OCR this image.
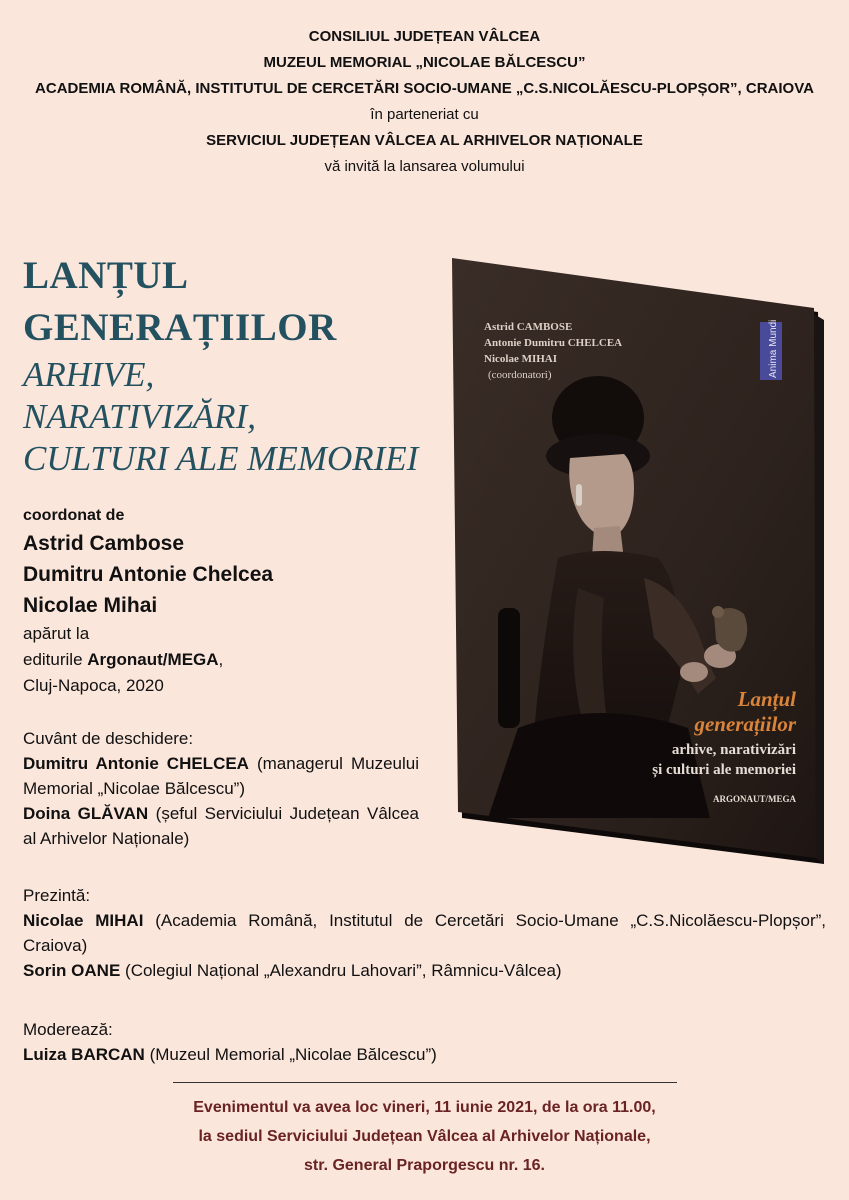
CONSILIUL JUDEȚEAN VÂLCEA
MUZEUL MEMORIAL „NICOLAE BĂLCESCU”
ACADEMIA ROMÂNĂ, INSTITUTUL DE CERCETĂRI SOCIO-UMANE „C.S.NICOLĂESCU-PLOPȘOR”, CRAIOVA
în parteneriat cu
SERVICIUL JUDEȚEAN VÂLCEA AL ARHIVELOR NAȚIONALE
vă invită la lansarea volumului
LANȚUL
GENERAȚIILOR
ARHIVE,
NARATIVIZĂRI,
CULTURI ALE MEMORIEI
coordonat de
Astrid Cambose
Dumitru Antonie Chelcea
Nicolae Mihai
apărut la
editurile Argonaut/MEGA,
Cluj-Napoca, 2020
Cuvânt de deschidere:
Dumitru Antonie CHELCEA (managerul Muzeului Memorial „Nicolae Bălcescu”)
Doina GLĂVAN (șeful Serviciului Județean Vâlcea al Arhivelor Naționale)
Prezintă:
Nicolae MIHAI (Academia Română, Institutul de Cercetări Socio-Umane „C.S.Nicolăescu-Plopșor”, Craiova)
Sorin OANE (Colegiul Național „Alexandru Lahovari”, Râmnicu-Vâlcea)
Moderează:
Luiza BARCAN (Muzeul Memorial „Nicolae Bălcescu”)
Evenimentul va avea loc vineri, 11 iunie 2021, de la ora 11.00,
la sediul Serviciului Județean Vâlcea al Arhivelor Naționale,
str. General Praporgescu nr. 16.
Anima Mundi
Astrid CAMBOSE
Antonie Dumitru CHELCEA
Nicolae MIHAI
(coordonatori)
Lanțul
generațiilor
arhive, narativizări
și culturi ale memoriei
ARGONAUT/MEGA
